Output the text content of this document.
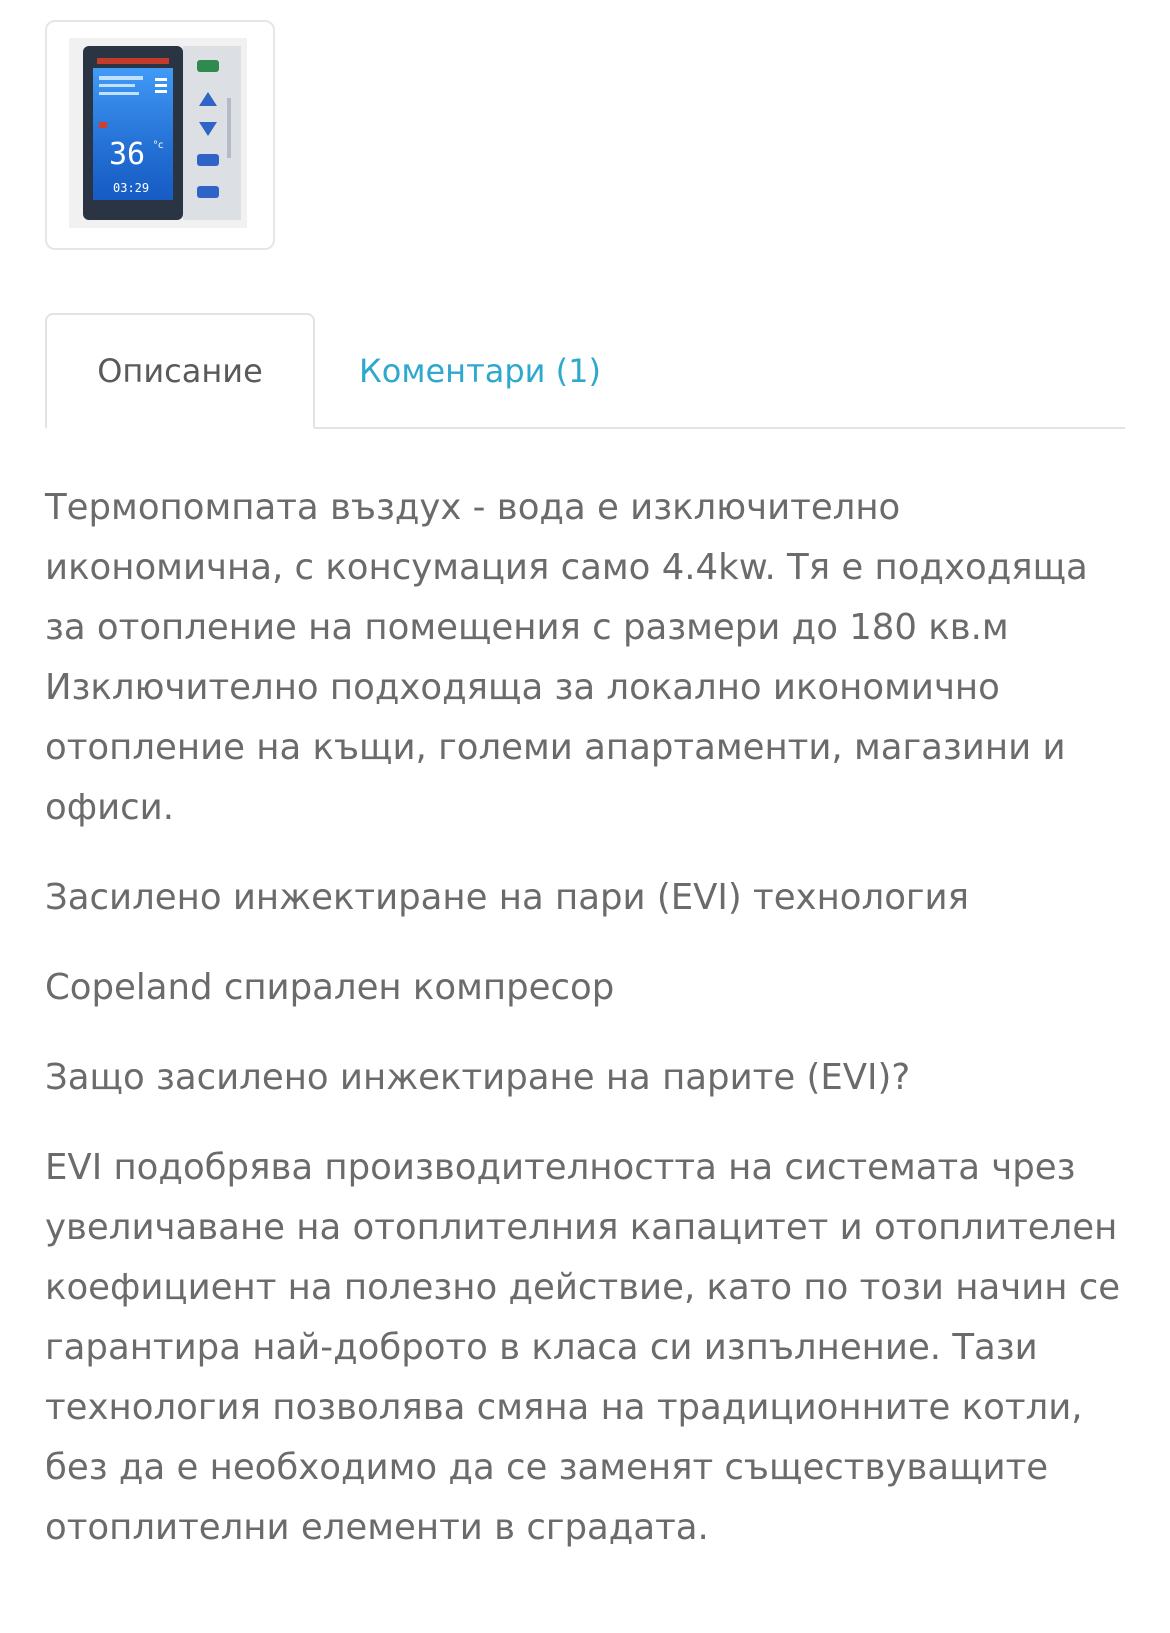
36 °c
03:29
Описание	Коментари (1)

Термопомпата въздух - вода е изключително икономична, с консумация само 4.4kw. Тя е подходяща за отопление на помещения с размери до 180 кв.м Изключително подходяща за локално икономично отопление на къщи, големи апартаменти, магазини и офиси.

Засилено инжектиране на пари (EVI) технология

Copeland спирален компресор

Защо засилено инжектиране на парите (EVI)?

EVI подобрява производителността на системата чрез увеличаване на отоплителния капацитет и отоплителен коефициент на полезно действие, като по този начин се гарантира най-доброто в класа си изпълнение. Тази технология позволява смяна на традиционните котли, без да е необходимо да се заменят съществуващите отоплителни елементи в сградата.
